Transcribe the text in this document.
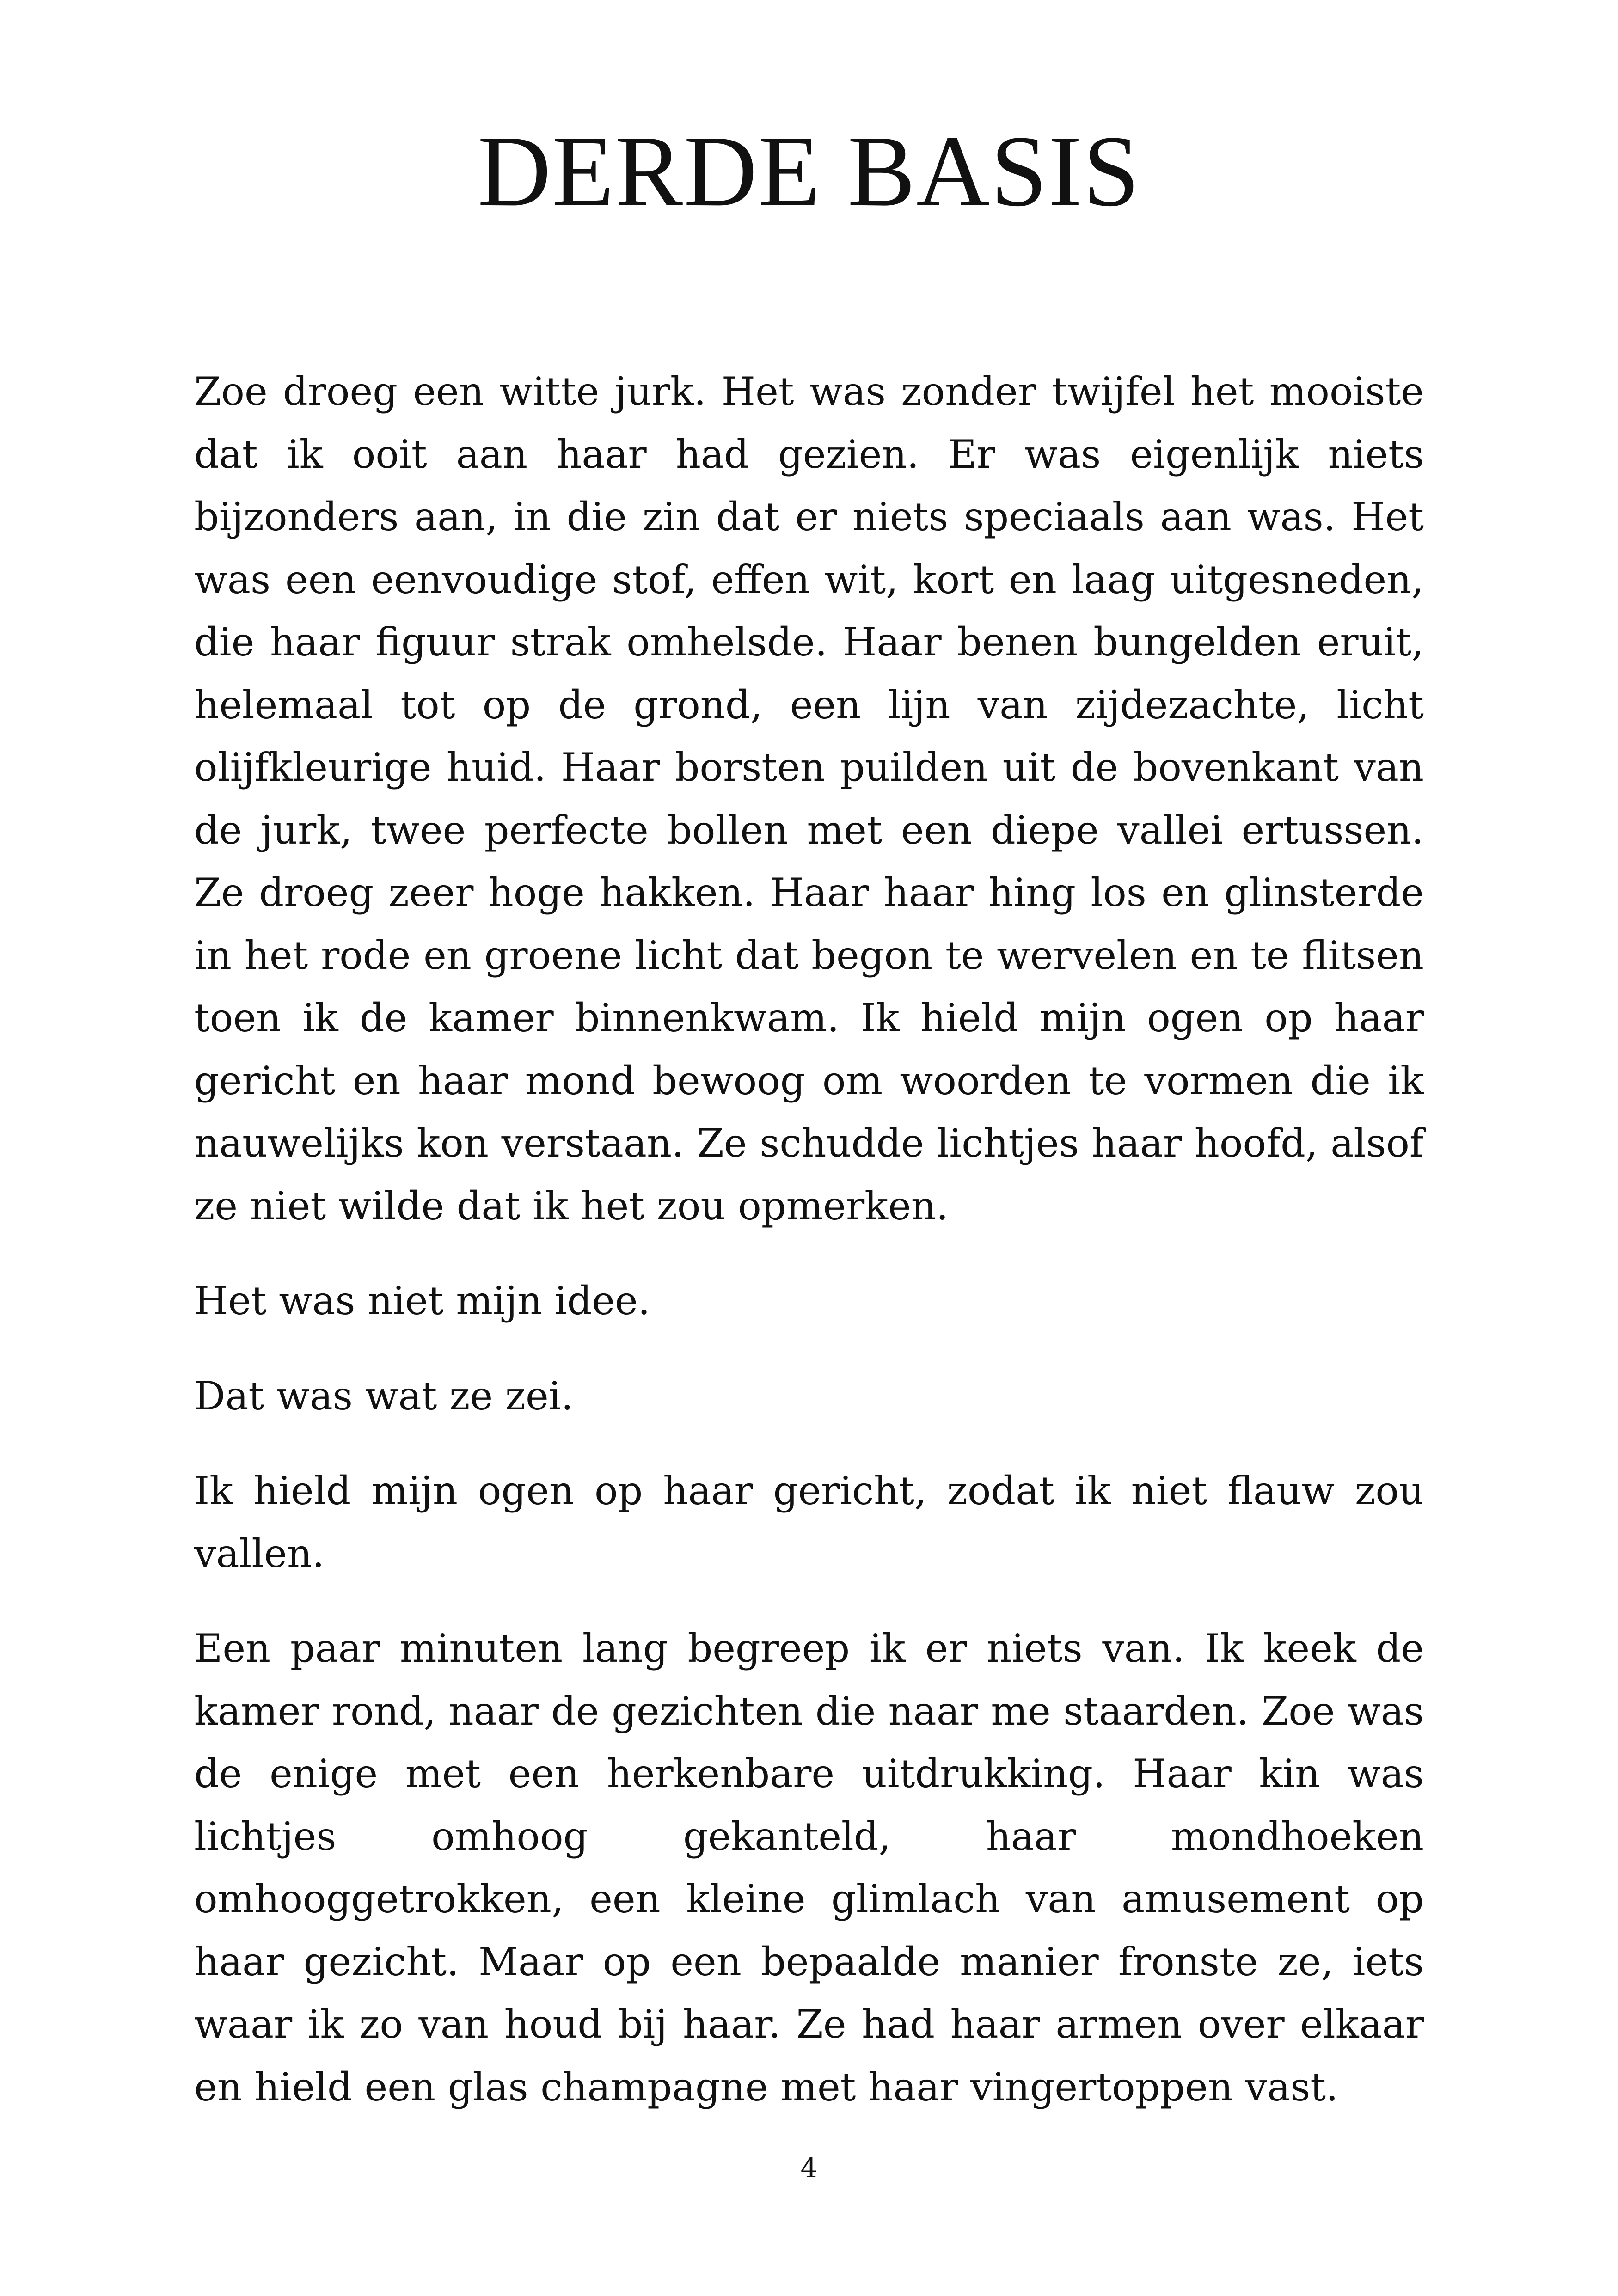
DERDE BASIS

Zoe droeg een witte jurk. Het was zonder twijfel het mooiste dat ik ooit aan haar had gezien. Er was eigenlijk niets bijzonders aan, in die zin dat er niets speciaals aan was. Het was een eenvoudige stof, effen wit, kort en laag uitgesneden, die haar figuur strak omhelsde. Haar benen bungelden eruit, helemaal tot op de grond, een lijn van zijdezachte, licht olijfkleurige huid. Haar borsten puilden uit de bovenkant van de jurk, twee perfecte bollen met een diepe vallei ertussen. Ze droeg zeer hoge hakken. Haar haar hing los en glinsterde in het rode en groene licht dat begon te wervelen en te flitsen toen ik de kamer binnenkwam. Ik hield mijn ogen op haar gericht en haar mond bewoog om woorden te vormen die ik nauwelijks kon verstaan. Ze schudde lichtjes haar hoofd, alsof ze niet wilde dat ik het zou opmerken.

Het was niet mijn idee.

Dat was wat ze zei.

Ik hield mijn ogen op haar gericht, zodat ik niet flauw zou vallen.

Een paar minuten lang begreep ik er niets van. Ik keek de kamer rond, naar de gezichten die naar me staarden. Zoe was de enige met een herkenbare uitdrukking. Haar kin was lichtjes omhoog gekanteld, haar mondhoeken omhooggetrokken, een kleine glimlach van amusement op haar gezicht. Maar op een bepaalde manier fronste ze, iets waar ik zo van houd bij haar. Ze had haar armen over elkaar en hield een glas champagne met haar vingertoppen vast.

4
